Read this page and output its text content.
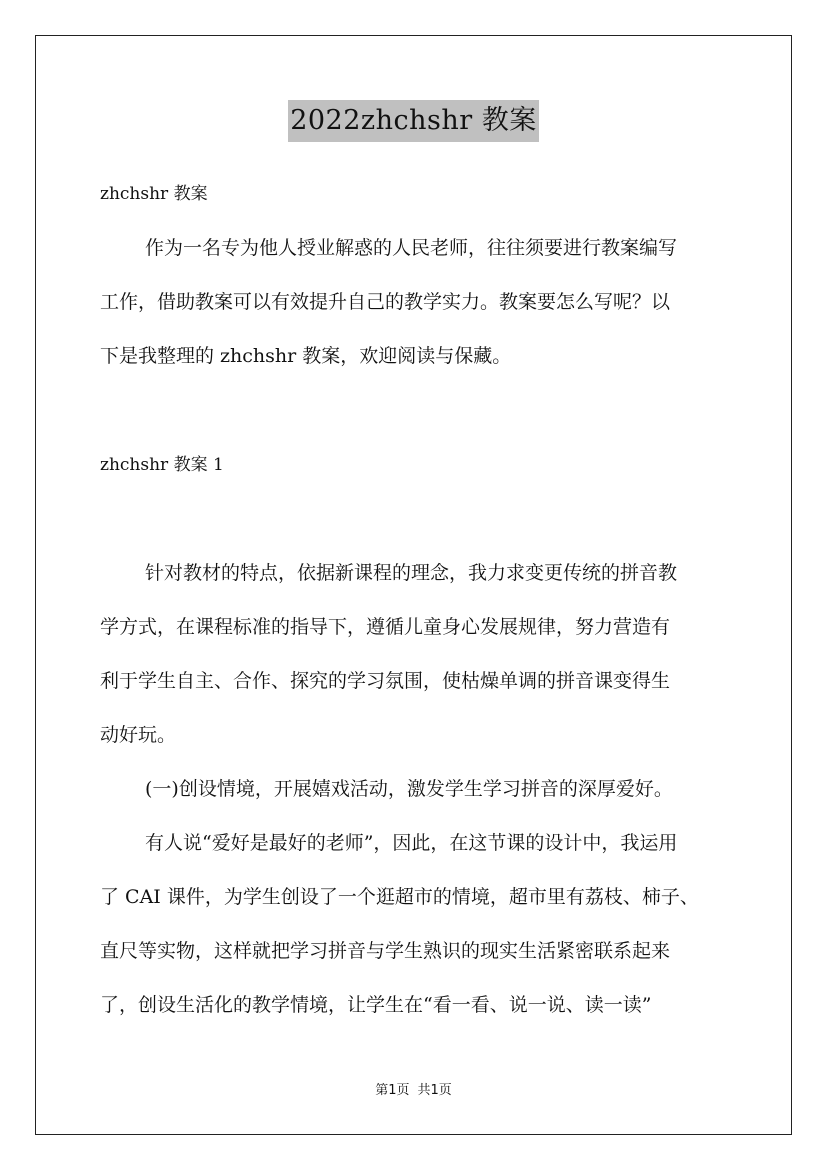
2022zhchshr 教案
zhchshr 教案
作为一名专为他人授业解惑的人民老师，往往须要进行教案编写
工作，借助教案可以有效提升自己的教学实力。教案要怎么写呢？以
下是我整理的 zhchshr 教案，欢迎阅读与保藏。
zhchshr 教案 1
针对教材的特点，依据新课程的理念，我力求变更传统的拼音教
学方式，在课程标准的指导下，遵循儿童身心发展规律，努力营造有
利于学生自主、合作、探究的学习氛围，使枯燥单调的拼音课变得生
动好玩。
(一)创设情境，开展嬉戏活动，激发学生学习拼音的深厚爱好。
有人说“爱好是最好的老师”，因此，在这节课的设计中，我运用
了 CAI 课件，为学生创设了一个逛超市的情境，超市里有荔枝、柿子、
直尺等实物，这样就把学习拼音与学生熟识的现实生活紧密联系起来
了，创设生活化的教学情境，让学生在“看一看、说一说、读一读”
第1页 共1页
